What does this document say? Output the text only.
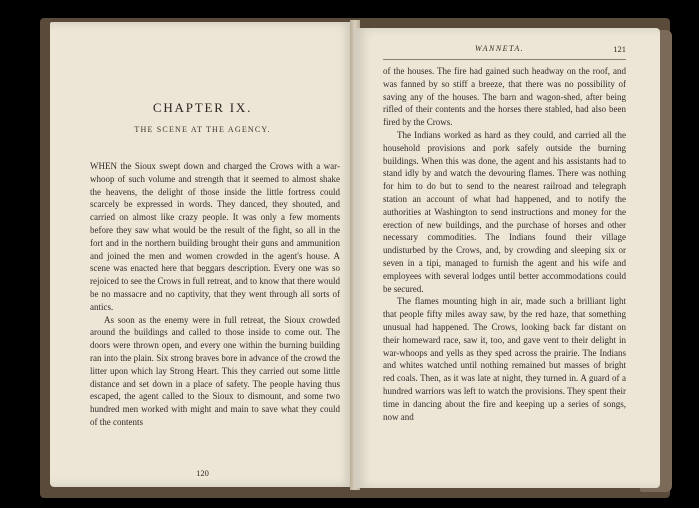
CHAPTER IX.
THE SCENE AT THE AGENCY.

WHEN the Sioux swept down and charged the Crows with a war-whoop of such volume and strength that it seemed to almost shake the heavens, the delight of those inside the little fortress could scarcely be expressed in words. They danced, they shouted, and carried on almost like crazy people. It was only a few moments before they saw what would be the result of the fight, so all in the fort and in the northern building brought their guns and ammunition and joined the men and women crowded in the agent's house. A scene was enacted here that beggars description. Every one was so rejoiced to see the Crows in full retreat, and to know that there would be no massacre and no captivity, that they went through all sorts of antics.

As soon as the enemy were in full retreat, the Sioux crowded around the buildings and called to those inside to come out. The doors were thrown open, and every one within the burning building ran into the plain. Six strong braves bore in advance of the crowd the litter upon which lay Strong Heart. This they carried out some little distance and set down in a place of safety. The people having thus escaped, the agent called to the Sioux to dismount, and some two hundred men worked with might and main to save what they could of the contents

120
WANNETA.	121

of the houses. The fire had gained such headway on the roof, and was fanned by so stiff a breeze, that there was no possibility of saving any of the houses. The barn and wagon-shed, after being rifled of their contents and the horses there stabled, had also been fired by the Crows.

The Indians worked as hard as they could, and carried all the household provisions and pork safely outside the burning buildings. When this was done, the agent and his assistants had to stand idly by and watch the devouring flames. There was nothing for him to do but to send to the nearest railroad and telegraph station an account of what had happened, and to notify the authorities at Washington to send instructions and money for the erection of new buildings, and the purchase of horses and other necessary commodities. The Indians found their village undisturbed by the Crows, and, by crowding and sleeping six or seven in a tipi, managed to furnish the agent and his wife and employees with several lodges until better accommodations could be secured.

The flames mounting high in air, made such a brilliant light that people fifty miles away saw, by the red haze, that something unusual had happened. The Crows, looking back far distant on their homeward race, saw it, too, and gave vent to their delight in war-whoops and yells as they sped across the prairie. The Indians and whites watched until nothing remained but masses of bright red coals. Then, as it was late at night, they turned in. A guard of a hundred warriors was left to watch the provisions. They spent their time in dancing about the fire and keeping up a series of songs, now and
